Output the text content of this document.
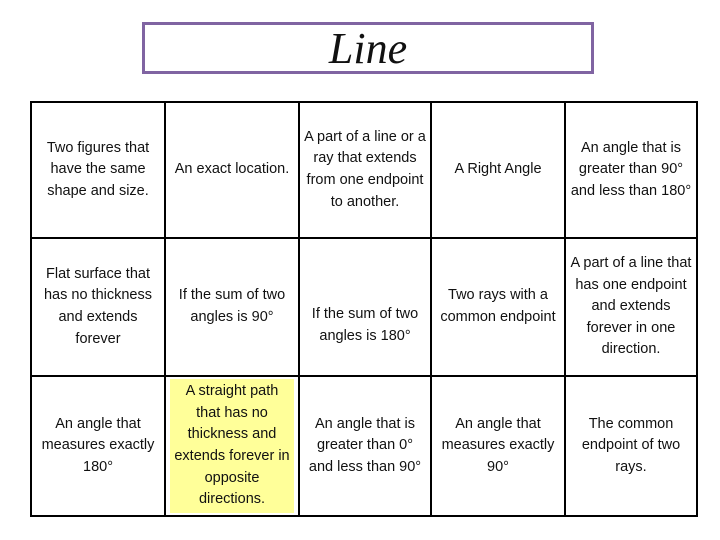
Line
Two figures that have the same shape and size.	An exact location.	A part of a line or a ray that extends from one endpoint to another.	A Right Angle	An angle that is greater than 90° and less than 180°
Flat surface that has no thickness and extends forever	If the sum of two angles is 90°	If the sum of two angles is 180°	Two rays with a common endpoint	A part of a line that has one endpoint and extends forever in one direction.
An angle that measures exactly 180°	A straight path that has no thickness and extends forever in opposite directions.	An angle that is greater than 0° and less than 90°	An angle that measures exactly 90°	The common endpoint of two rays.
